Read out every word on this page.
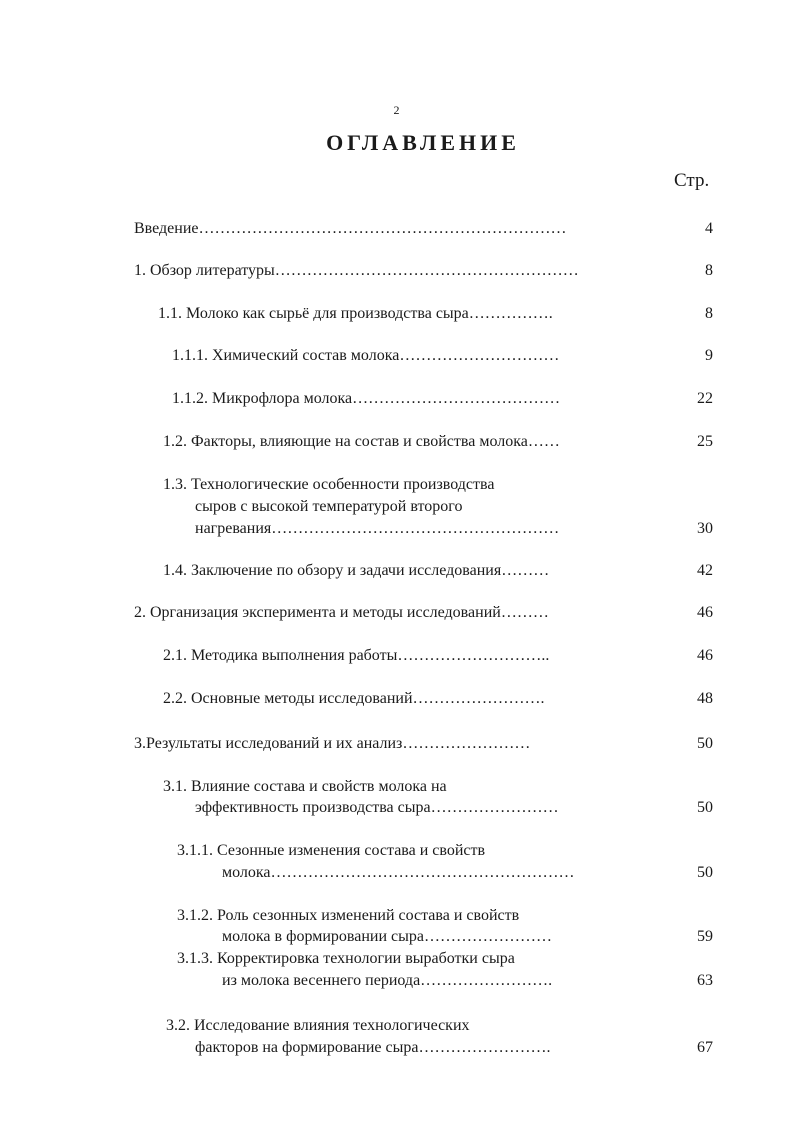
2
ОГЛАВЛЕНИЕ
Стр.
Введение……………………………………………………………	4
1. Обзор литературы…………………………………………………	8
1.1. Молоко как сырьё для производства сыра…………….	8
1.1.1. Химический состав молока…………………………	9
1.1.2. Микрофлора молока…………………………………	22
1.2. Факторы, влияющие на состав и свойства молока……	25
1.3. Технологические особенности производства
сыров с высокой температурой второго
нагревания………………………………………………	30
1.4. Заключение по обзору и задачи исследования………	42
2. Организация эксперимента и методы исследований………	46
2.1. Методика выполнения работы………………………..	46
2.2. Основные методы исследований…………………….	48
3.Результаты исследований и их анализ……………………	50
3.1. Влияние состава и свойств молока на
эффективность производства сыра……………………	50
3.1.1. Сезонные изменения состава и свойств
молока…………………………………………………	50
3.1.2. Роль сезонных изменений состава и свойств
молока в формировании сыра……………………	59
3.1.3. Корректировка технологии выработки сыра
из молока весеннего периода…………………….	63
3.2. Исследование влияния технологических
факторов на формирование сыра…………………….	67
